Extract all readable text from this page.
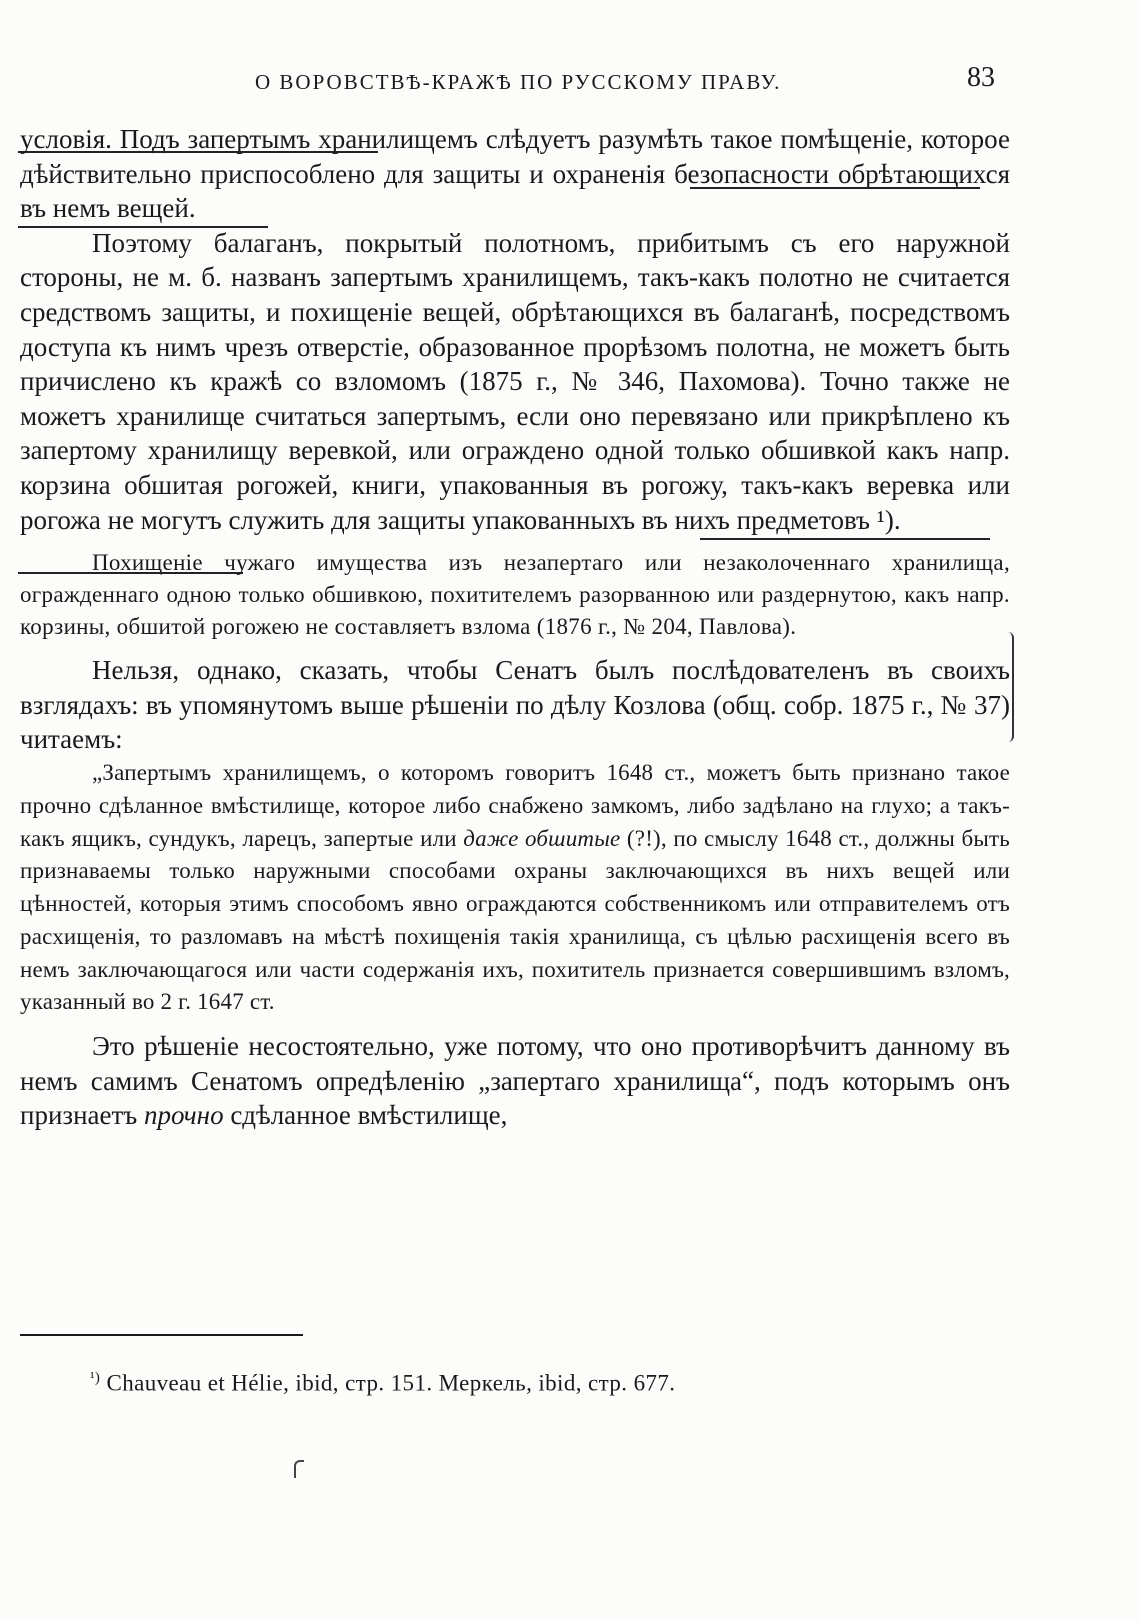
О ВОРОВСТВѢ-КРАЖѢ ПО РУССКОМУ ПРАВУ.	83

условія. Подъ запертымъ хранилищемъ слѣдуетъ разумѣть такое помѣщеніе, которое дѣйствительно приспособлено для защиты и охраненія безопасности обрѣтающихся въ немъ вещей.

Поэтому балаганъ, покрытый полотномъ, прибитымъ съ его наружной стороны, не м. б. названъ запертымъ хранилищемъ, такъ-какъ полотно не считается средствомъ защиты, и похищеніе вещей, обрѣтающихся въ балаганѣ, посредствомъ доступа къ нимъ чрезъ отверстіе, образованное прорѣзомъ полотна, не можетъ быть причислено къ кражѣ со взломомъ (1875 г., № 346, Пахомова). Точно также не можетъ хранилище считаться запертымъ, если оно перевязано или прикрѣплено къ запертому хранилищу веревкой, или ограждено одной только обшивкой какъ напр. корзина обшитая рогожей, книги, упакованныя въ рогожу, такъ-какъ веревка или рогожа не могутъ служить для защиты упакованныхъ въ нихъ предметовъ ¹).

Похищеніе чужаго имущества изъ незапертаго или незаколоченнаго хранилища, огражденнаго одною только обшивкою, похитителемъ разорванною или раздернутою, какъ напр. корзины, обшитой рогожею не составляетъ взлома (1876 г., № 204, Павлова).

Нельзя, однако, сказать, чтобы Сенатъ былъ послѣдователенъ въ своихъ взглядахъ: въ упомянутомъ выше рѣшеніи по дѣлу Козлова (общ. собр. 1875 г., № 37) читаемъ:

„Запертымъ хранилищемъ, о которомъ говоритъ 1648 ст., можетъ быть признано такое прочно сдѣланное вмѣстилище, которое либо снабжено замкомъ, либо задѣлано на глухо; а такъ-какъ ящикъ, сундукъ, ларецъ, запертые или даже обшитые (?!), по смыслу 1648 ст., должны быть признаваемы только наружными способами охраны заключающихся въ нихъ вещей или цѣнностей, которыя этимъ способомъ явно ограждаются собственникомъ или отправителемъ отъ расхищенія, то разломавъ на мѣстѣ похищенія такія хранилища, съ цѣлью расхищенія всего въ немъ заключающагося или части содержанія ихъ, похититель признается совершившимъ взломъ, указанный во 2 г. 1647 ст.

Это рѣшеніе несостоятельно, уже потому, что оно противорѣчитъ данному въ немъ самимъ Сенатомъ опредѣленію „запертаго хранилища“, подъ которымъ онъ признаетъ прочно сдѣланное вмѣстилище,

$^{^1)}$ Chauveau et Hélie, ibid, стр. 151. Меркель, ibid, стр. 677.
